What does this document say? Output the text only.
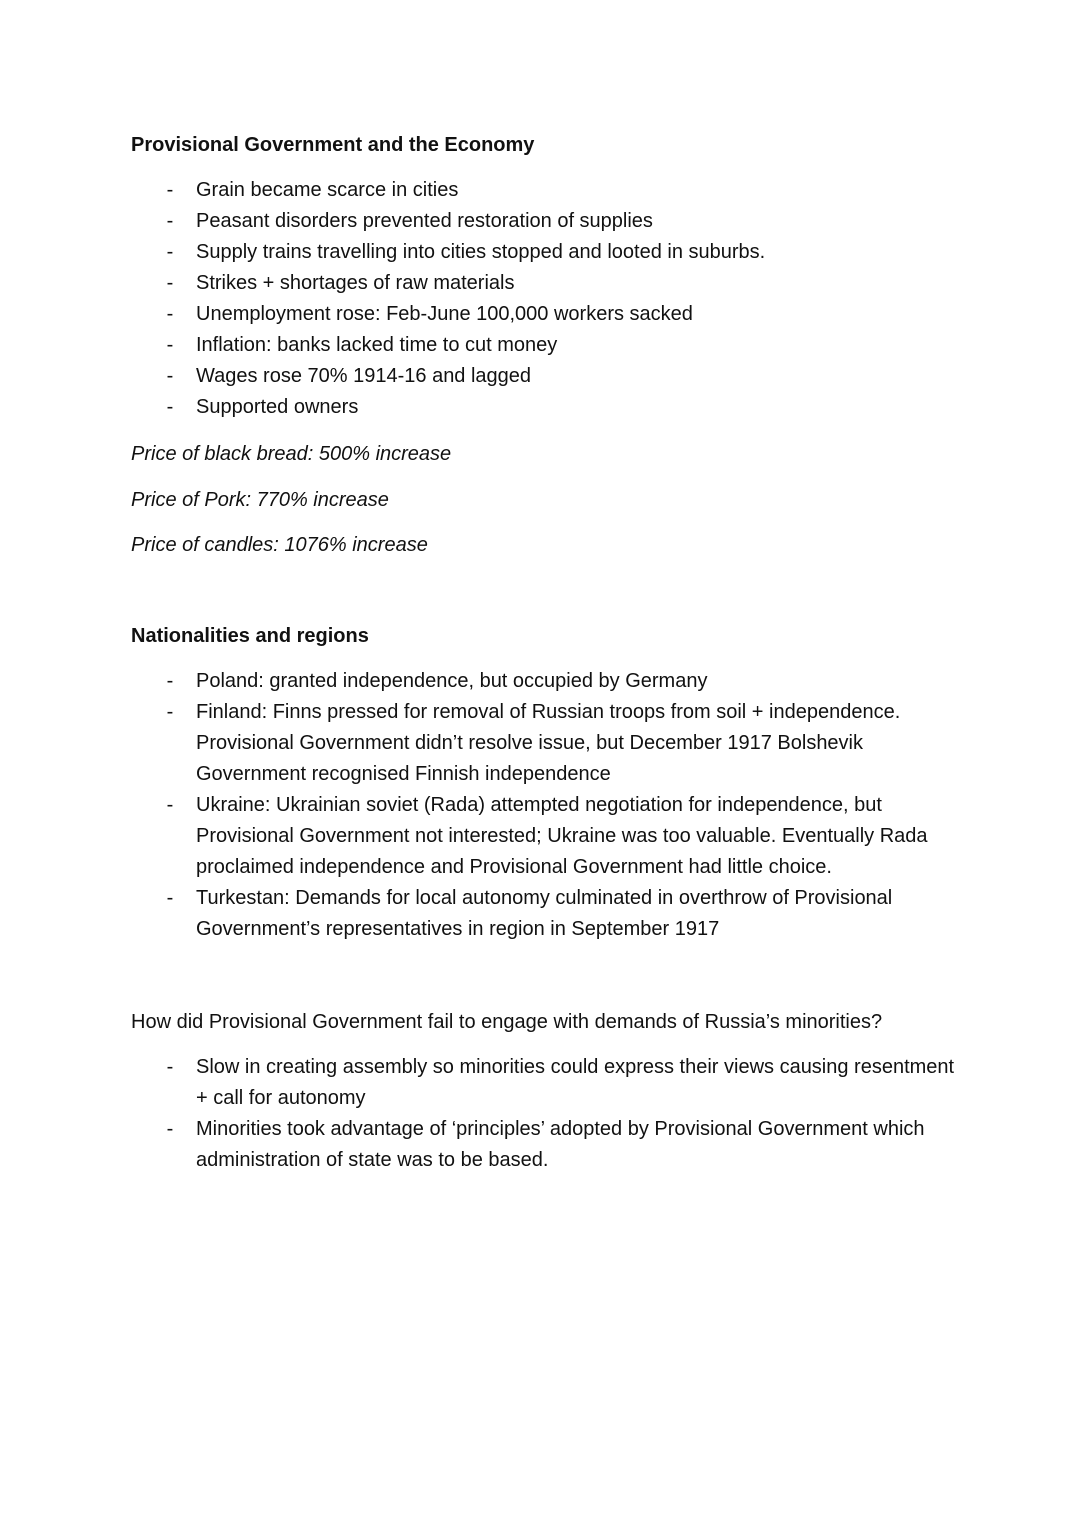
Provisional Government and the Economy
- Grain became scarce in cities
- Peasant disorders prevented restoration of supplies
- Supply trains travelling into cities stopped and looted in suburbs.
- Strikes + shortages of raw materials
- Unemployment rose: Feb-June 100,000 workers sacked
- Inflation: banks lacked time to cut money
- Wages rose 70% 1914-16 and lagged
- Supported owners

Price of black bread: 500% increase

Price of Pork: 770% increase

Price of candles: 1076% increase

Nationalities and regions
- Poland: granted independence, but occupied by Germany
- Finland: Finns pressed for removal of Russian troops from soil + independence. Provisional Government didn’t resolve issue, but December 1917 Bolshevik Government recognised Finnish independence
- Ukraine: Ukrainian soviet (Rada) attempted negotiation for independence, but Provisional Government not interested; Ukraine was too valuable. Eventually Rada proclaimed independence and Provisional Government had little choice.
- Turkestan: Demands for local autonomy culminated in overthrow of Provisional Government’s representatives in region in September 1917

How did Provisional Government fail to engage with demands of Russia’s minorities?

- Slow in creating assembly so minorities could express their views causing resentment + call for autonomy
- Minorities took advantage of ‘principles’ adopted by Provisional Government which administration of state was to be based.
